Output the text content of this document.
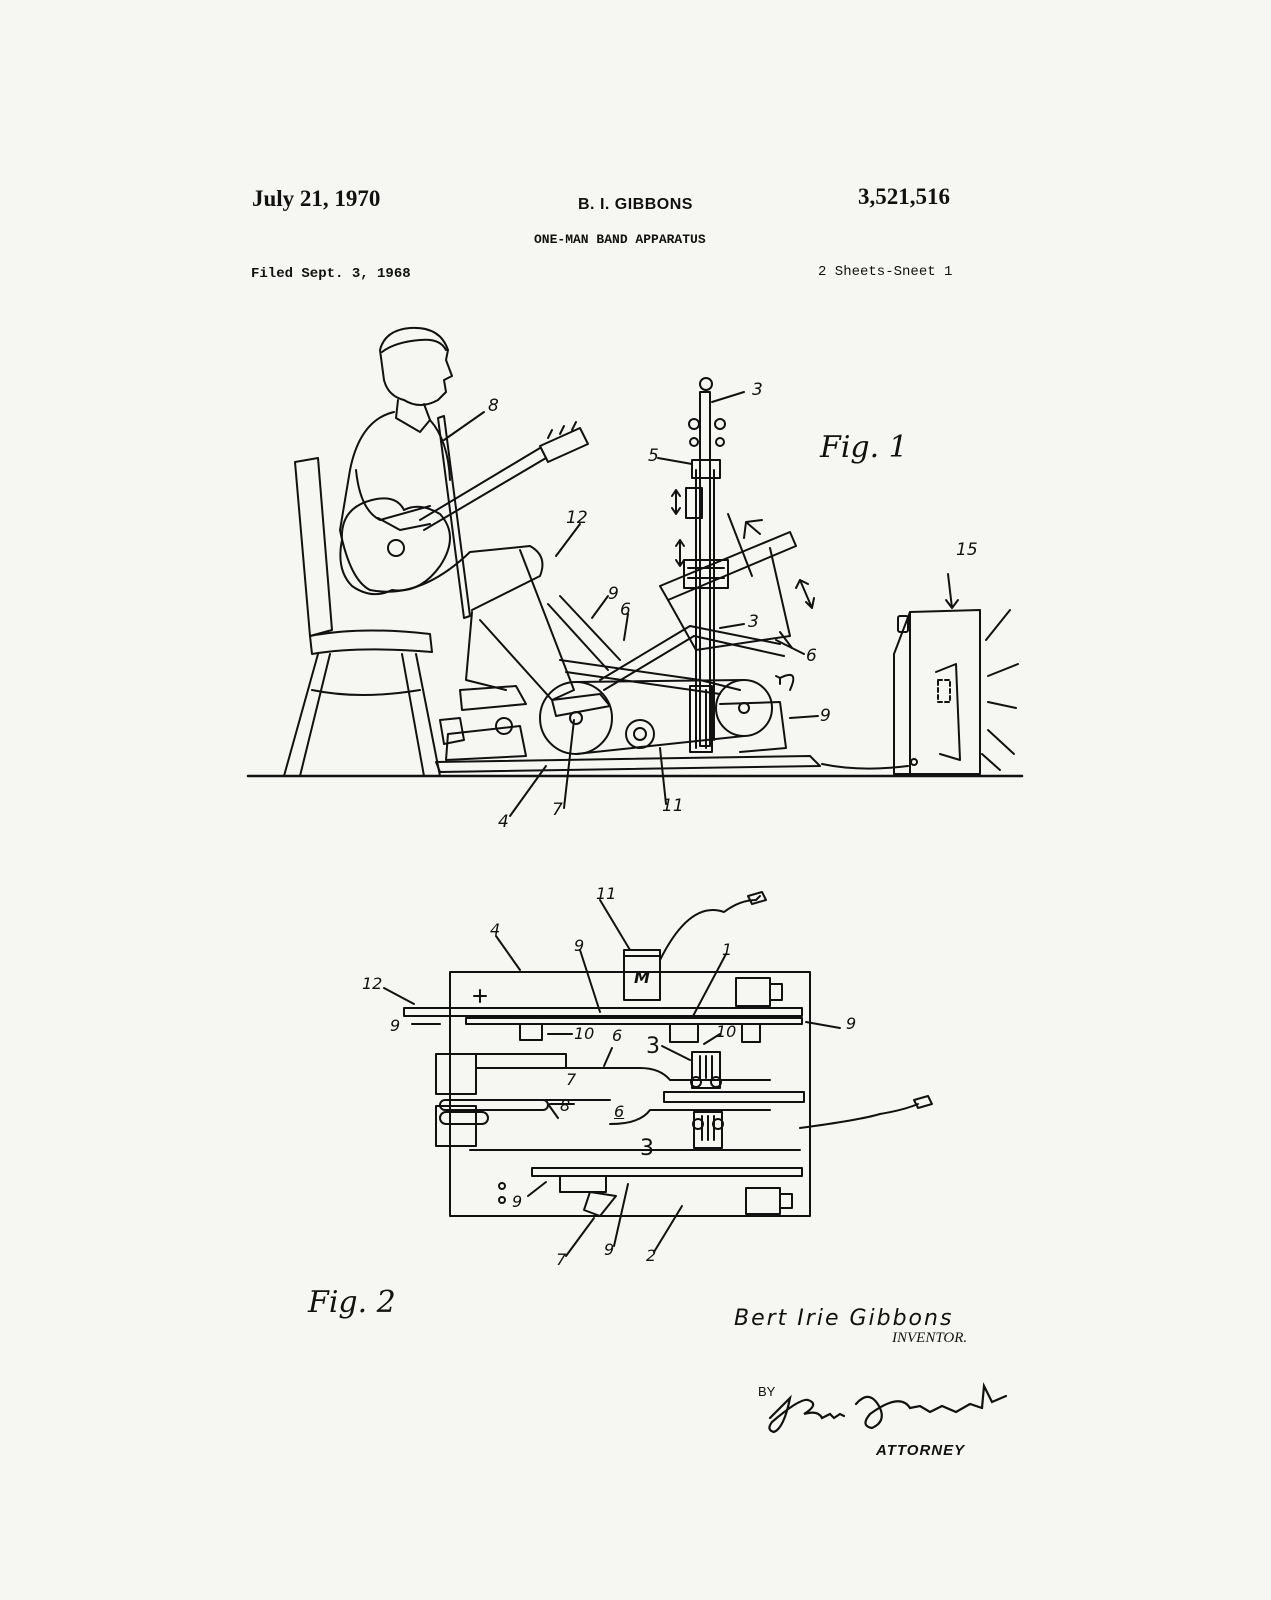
July 21, 1970	B. I. GIBBONS	3,521,516
ONE-MAN BAND APPARATUS
Filed Sept. 3, 1968	2 Sheets-Sneet 1
3
8
5
12
9
6
3
6
15
9
4
7	11
11
4
9	1
12
9	10 6 3
10	9
7
8	6
3
9
7
9 2
M
Fig. 1
Fig. 2	Bert Irie Gibbons
INVENTOR.
BY
ATTORNEY
